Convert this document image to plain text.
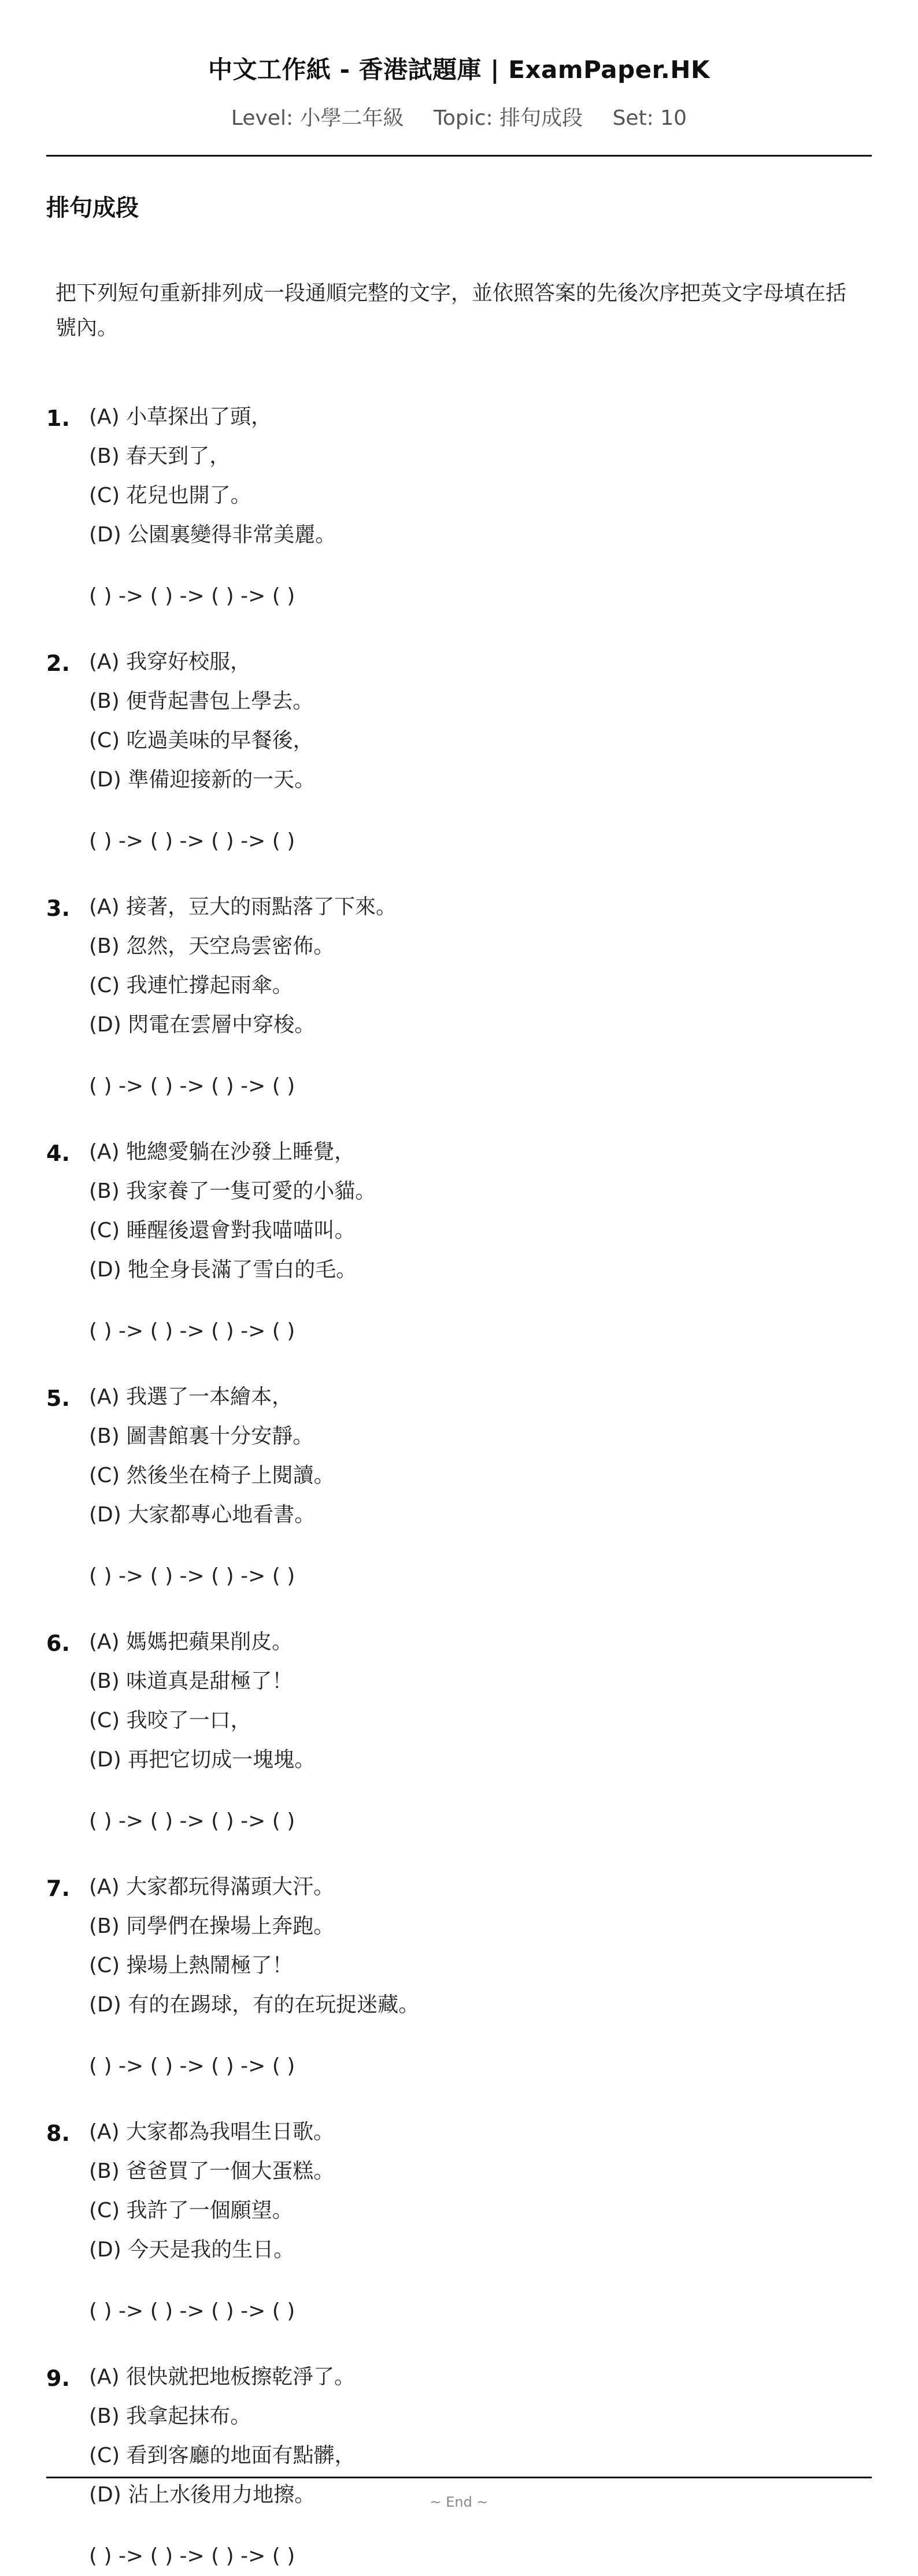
中文工作紙 - 香港試題庫 | ExamPaper.HK
Level: 小學二年級 Topic: 排句成段 Set: 10
排句成段
把下列短句重新排列成一段通順完整的文字，並依照答案的先後次序把英文字母填在括號內。
1. (A) 小草探出了頭，
(B) 春天到了，
(C) 花兒也開了。
(D) 公園裏變得非常美麗。
( ) -> ( ) -> ( ) -> ( )
2. (A) 我穿好校服，
(B) 便背起書包上學去。
(C) 吃過美味的早餐後，
(D) 準備迎接新的一天。
( ) -> ( ) -> ( ) -> ( )
3. (A) 接著，豆大的雨點落了下來。
(B) 忽然，天空烏雲密佈。
(C) 我連忙撐起雨傘。
(D) 閃電在雲層中穿梭。
( ) -> ( ) -> ( ) -> ( )
4. (A) 牠總愛躺在沙發上睡覺，
(B) 我家養了一隻可愛的小貓。
(C) 睡醒後還會對我喵喵叫。
(D) 牠全身長滿了雪白的毛。
( ) -> ( ) -> ( ) -> ( )
5. (A) 我選了一本繪本，
(B) 圖書館裏十分安靜。
(C) 然後坐在椅子上閱讀。
(D) 大家都專心地看書。
( ) -> ( ) -> ( ) -> ( )
6. (A) 媽媽把蘋果削皮。
(B) 味道真是甜極了！
(C) 我咬了一口，
(D) 再把它切成一塊塊。
( ) -> ( ) -> ( ) -> ( )
7. (A) 大家都玩得滿頭大汗。
(B) 同學們在操場上奔跑。
(C) 操場上熱鬧極了！
(D) 有的在踢球，有的在玩捉迷藏。
( ) -> ( ) -> ( ) -> ( )
8. (A) 大家都為我唱生日歌。
(B) 爸爸買了一個大蛋糕。
(C) 我許了一個願望。
(D) 今天是我的生日。
( ) -> ( ) -> ( ) -> ( )
9. (A) 很快就把地板擦乾淨了。
(B) 我拿起抹布。
(C) 看到客廳的地面有點髒，
(D) 沾上水後用力地擦。
( ) -> ( ) -> ( ) -> ( )
~ End ~
